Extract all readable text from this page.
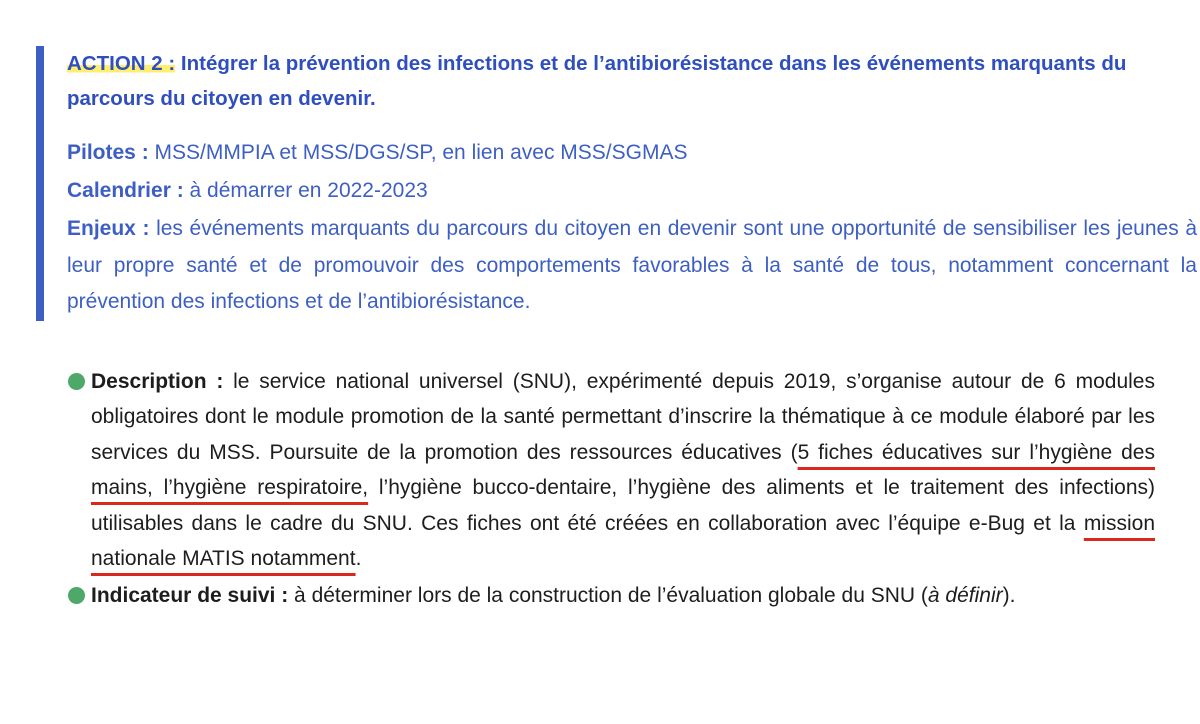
ACTION 2 : Intégrer la prévention des infections et de l’antibiorésistance dans les événements marquants du parcours du citoyen en devenir.

Pilotes : MSS/MMPIA et MSS/DGS/SP, en lien avec MSS/SGMAS

Calendrier : à démarrer en 2022-2023

Enjeux : les événements marquants du parcours du citoyen en devenir sont une opportunité de sensibiliser les jeunes à leur propre santé et de promouvoir des comportements favorables à la santé de tous, notamment concernant la prévention des infections et de l’antibiorésistance.

Description : le service national universel (SNU), expérimenté depuis 2019, s’organise autour de 6 modules obligatoires dont le module promotion de la santé permettant d’inscrire la thématique à ce module élaboré par les services du MSS. Poursuite de la promotion des ressources éducatives (5 fiches éducatives sur l’hygiène des mains, l’hygiène respiratoire, l’hygiène bucco-dentaire, l’hygiène des aliments et le traitement des infections) utilisables dans le cadre du SNU. Ces fiches ont été créées en collaboration avec l’équipe e-Bug et la mission nationale MATIS notamment.

Indicateur de suivi : à déterminer lors de la construction de l’évaluation globale du SNU (à définir).
